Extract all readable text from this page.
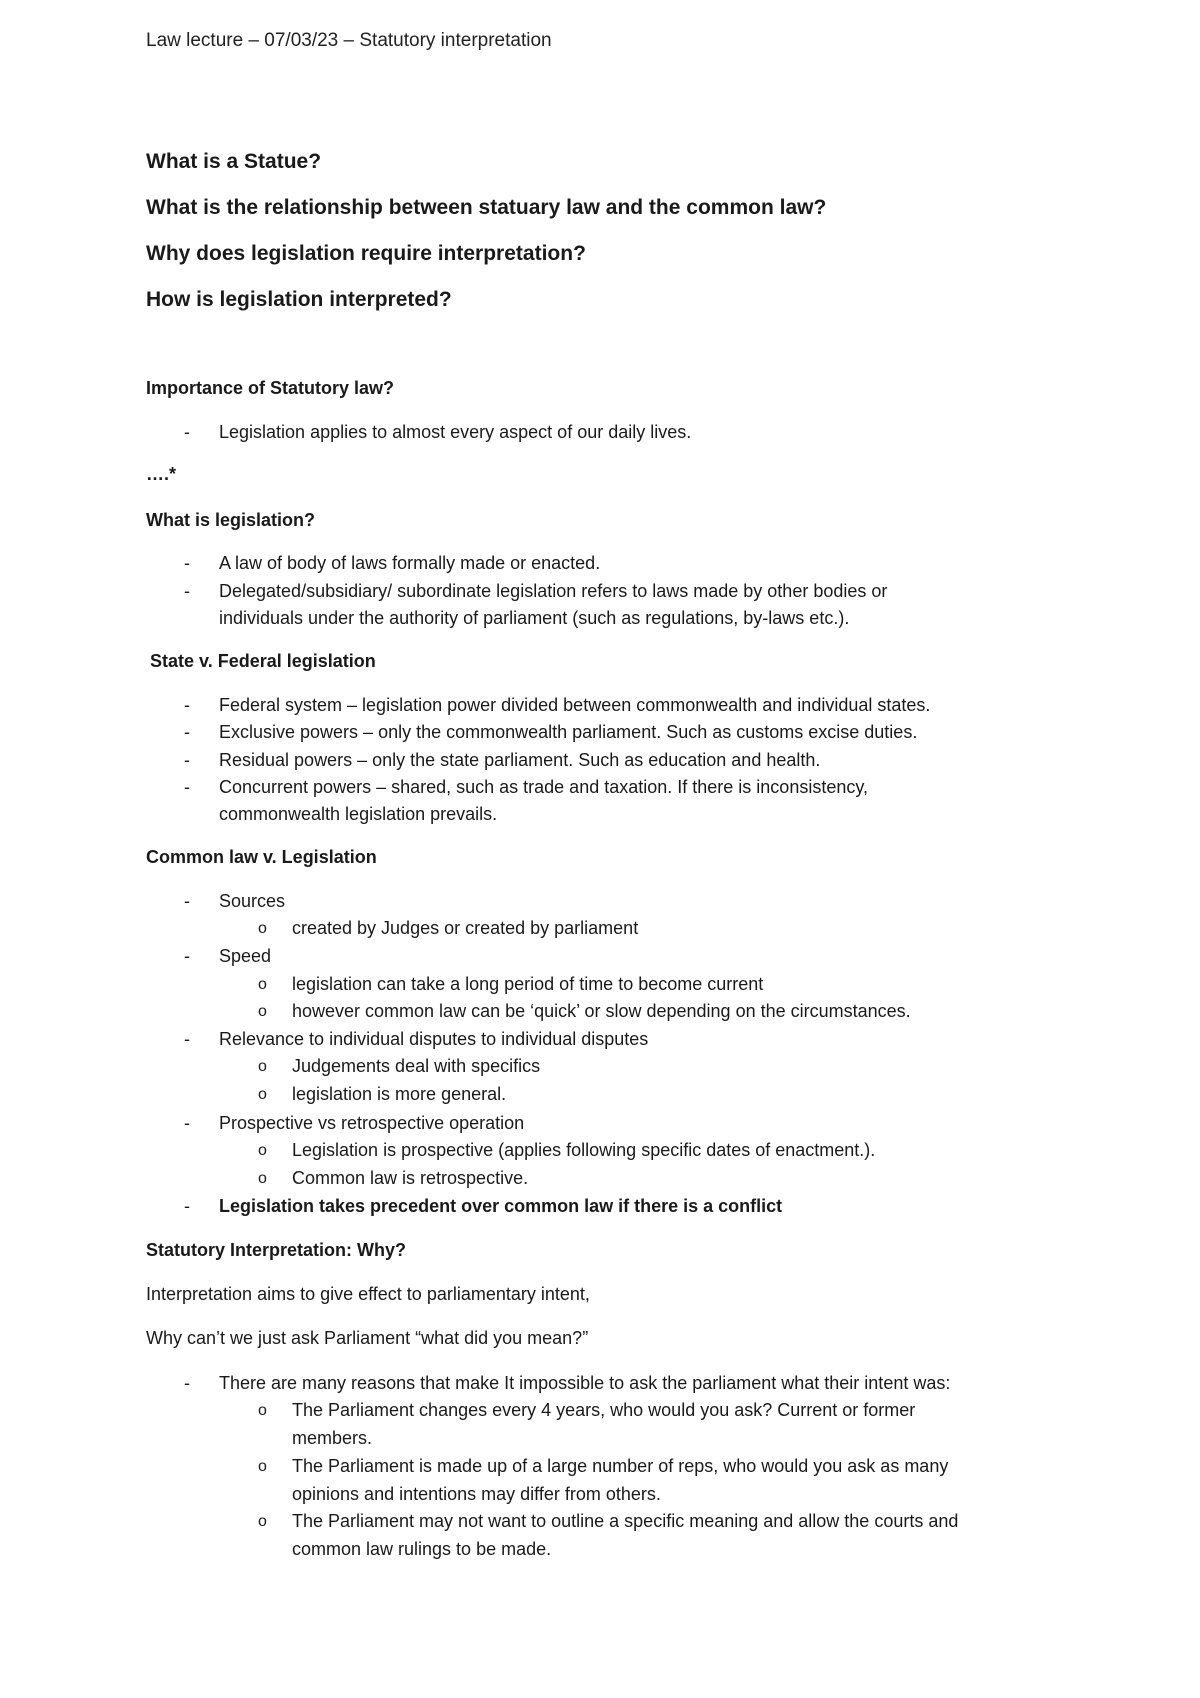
Law lecture – 07/03/23 – Statutory interpretation
What is a Statue?
What is the relationship between statuary law and the common law?
Why does legislation require interpretation?
How is legislation interpreted?
Importance of Statutory law?
- Legislation applies to almost every aspect of our daily lives.
….*
What is legislation?
- A law of body of laws formally made or enacted.
- Delegated/subsidiary/ subordinate legislation refers to laws made by other bodies or
individuals under the authority of parliament (such as regulations, by-laws etc.).
State v. Federal legislation
- Federal system – legislation power divided between commonwealth and individual states.
- Exclusive powers – only the commonwealth parliament. Such as customs excise duties.
- Residual powers – only the state parliament. Such as education and health.
- Concurrent powers – shared, such as trade and taxation. If there is inconsistency,
commonwealth legislation prevails.
Common law v. Legislation
- Sources
o created by Judges or created by parliament
- Speed
o legislation can take a long period of time to become current
o however common law can be ‘quick’ or slow depending on the circumstances.
- Relevance to individual disputes to individual disputes
o Judgements deal with specifics
o legislation is more general.
- Prospective vs retrospective operation
o Legislation is prospective (applies following specific dates of enactment.).
o Common law is retrospective.
- Legislation takes precedent over common law if there is a conflict
Statutory Interpretation: Why?
Interpretation aims to give effect to parliamentary intent,
Why can’t we just ask Parliament “what did you mean?”
- There are many reasons that make It impossible to ask the parliament what their intent was:
o The Parliament changes every 4 years, who would you ask? Current or former
members.
o The Parliament is made up of a large number of reps, who would you ask as many
opinions and intentions may differ from others.
o The Parliament may not want to outline a specific meaning and allow the courts and
common law rulings to be made.
